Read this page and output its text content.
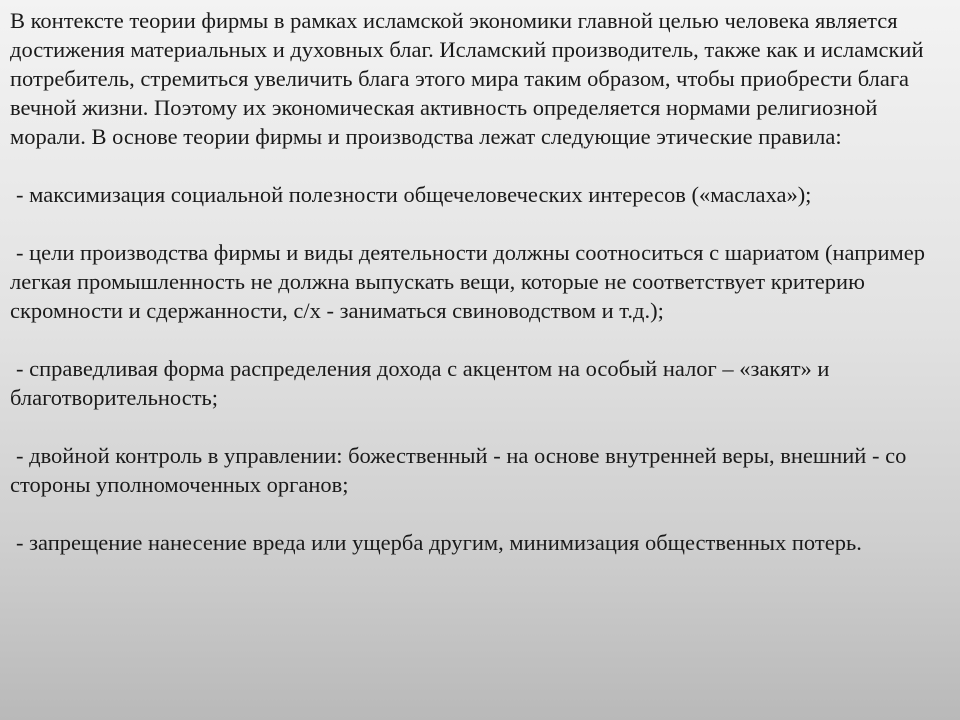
В контексте теории фирмы в рамках исламской экономики главной целью человека является достижения материальных и духовных благ. Исламский производитель, также как и исламский потребитель, стремиться увеличить блага этого мира таким образом, чтобы приобрести блага вечной жизни. Поэтому их экономическая активность определяется нормами религиозной морали. В основе теории фирмы и производства лежат следующие этические правила:

- максимизация социальной полезности общечеловеческих интересов («маслаха»);
- цели производства фирмы и виды деятельности должны соотноситься с шариатом (например легкая промышленность не должна выпускать вещи, которые не соответствует критерию скромности и сдержанности, с/х - заниматься свиноводством и т.д.);
- справедливая форма распределения дохода с акцентом на особый налог – «закят» и благотворительность;
- двойной контроль в управлении: божественный - на основе внутренней веры, внешний - со стороны уполномоченных органов;
- запрещение нанесение вреда или ущерба другим, минимизация общественных потерь.
